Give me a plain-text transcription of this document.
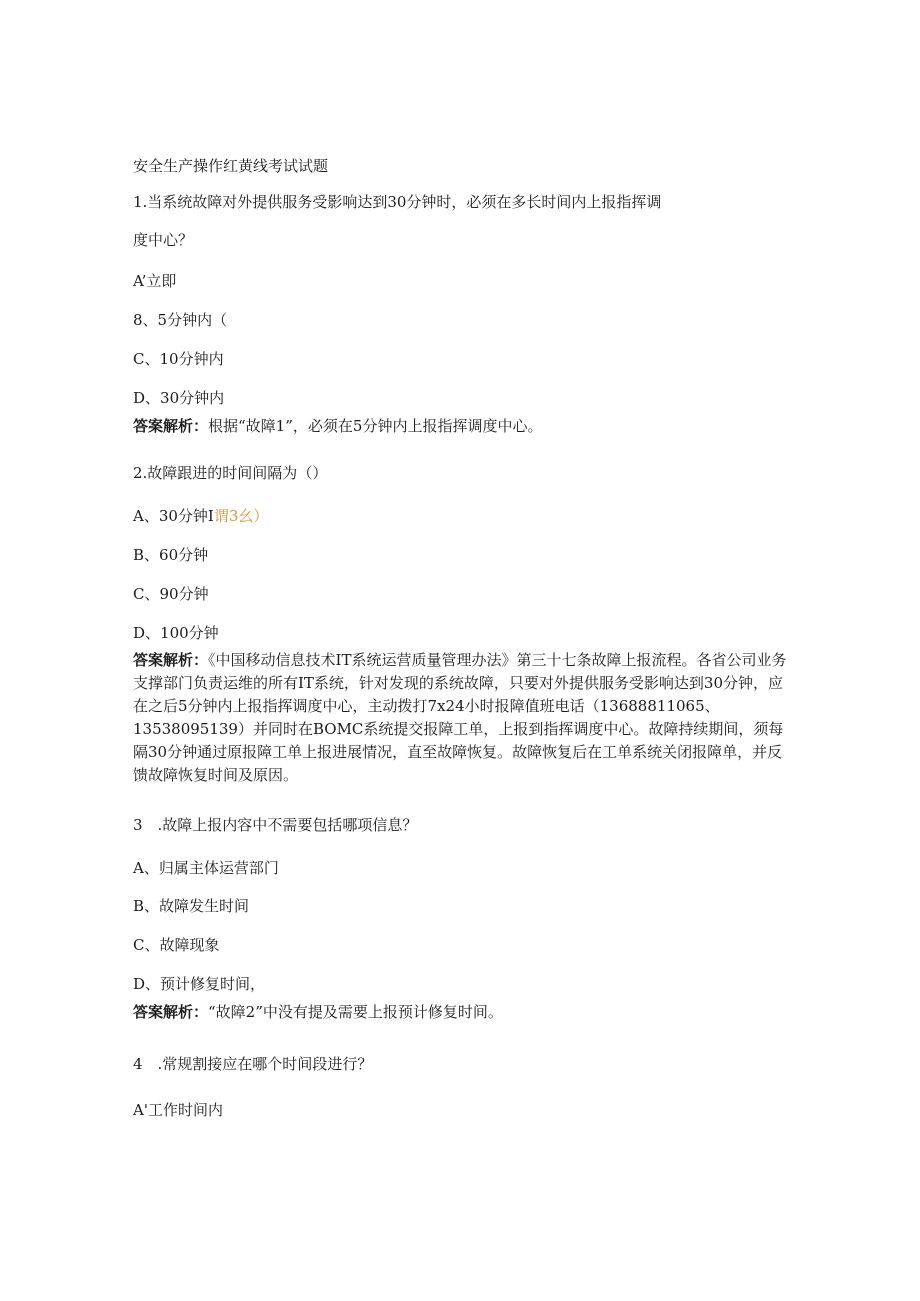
安全生产操作红黄线考试试题
1.当系统故障对外提供服务受影响达到30分钟时，必须在多长时间内上报指挥调
度中心？
A’立即
8、5分钟内（
C、10分钟内
D、30分钟内
答案解析：根据“故障1”，必须在5分钟内上报指挥调度中心。
2.故障跟进的时间间隔为（）
A、30分钟I谓3幺）
B、60分钟
C、90分钟
D、100分钟
答案解析：《中国移动信息技术IT系统运营质量管理办法》第三十七条故障上报流程。各省公司业务支撑部门负责运维的所有IT系统，针对发现的系统故障，只要对外提供服务受影响达到30分钟，应在之后5分钟内上报指挥调度中心，主动拨打7x24小时报障值班电话（13688811065、13538095139）并同时在BOMC系统提交报障工单，上报到指挥调度中心。故障持续期间，须每隔30分钟通过原报障工单上报进展情况，直至故障恢复。故障恢复后在工单系统关闭报障单，并反馈故障恢复时间及原因。
3　.故障上报内容中不需要包括哪项信息？
A、归属主体运营部门
B、故障发生时间
C、故障现象
D、预计修复时间，
答案解析：“故障2”中没有提及需要上报预计修复时间。
4　.常规割接应在哪个时间段进行？
A'工作时间内
